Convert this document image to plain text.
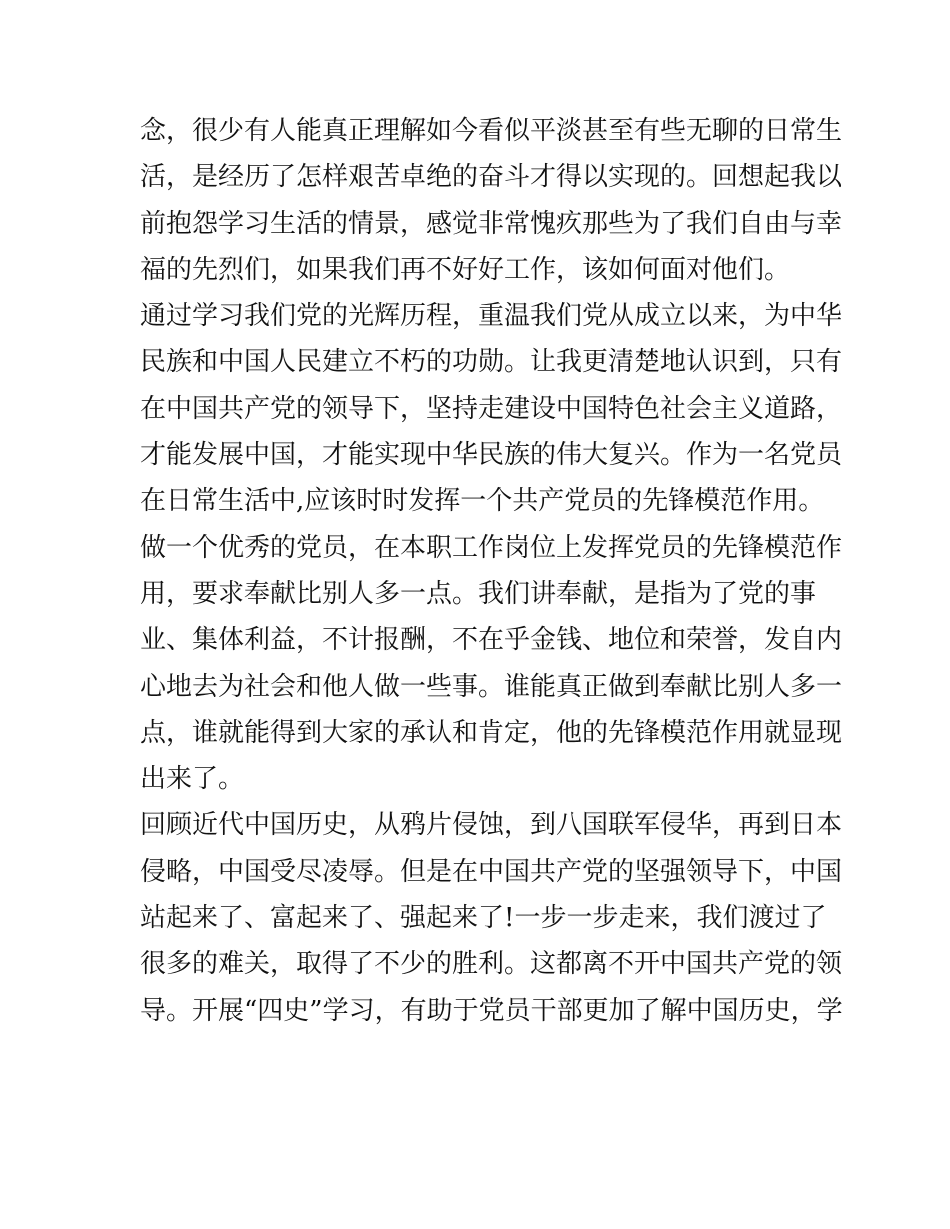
念，很少有人能真正理解如今看似平淡甚至有些无聊的日常生
活，是经历了怎样艰苦卓绝的奋斗才得以实现的。回想起我以
前抱怨学习生活的情景，感觉非常愧疚那些为了我们自由与幸
福的先烈们，如果我们再不好好工作，该如何面对他们。
通过学习我们党的光辉历程，重温我们党从成立以来，为中华
民族和中国人民建立不朽的功勋。让我更清楚地认识到，只有
在中国共产党的领导下，坚持走建设中国特色社会主义道路，
才能发展中国，才能实现中华民族的伟大复兴。作为一名党员
在日常生活中,应该时时发挥一个共产党员的先锋模范作用。
做一个优秀的党员，在本职工作岗位上发挥党员的先锋模范作
用，要求奉献比别人多一点。我们讲奉献，是指为了党的事
业、集体利益，不计报酬，不在乎金钱、地位和荣誉，发自内
心地去为社会和他人做一些事。谁能真正做到奉献比别人多一
点，谁就能得到大家的承认和肯定，他的先锋模范作用就显现
出来了。
回顾近代中国历史，从鸦片侵蚀，到八国联军侵华，再到日本
侵略，中国受尽凌辱。但是在中国共产党的坚强领导下，中国
站起来了、富起来了、强起来了!一步一步走来，我们渡过了
很多的难关，取得了不少的胜利。这都离不开中国共产党的领
导。开展“四史”学习，有助于党员干部更加了解中国历史，学
